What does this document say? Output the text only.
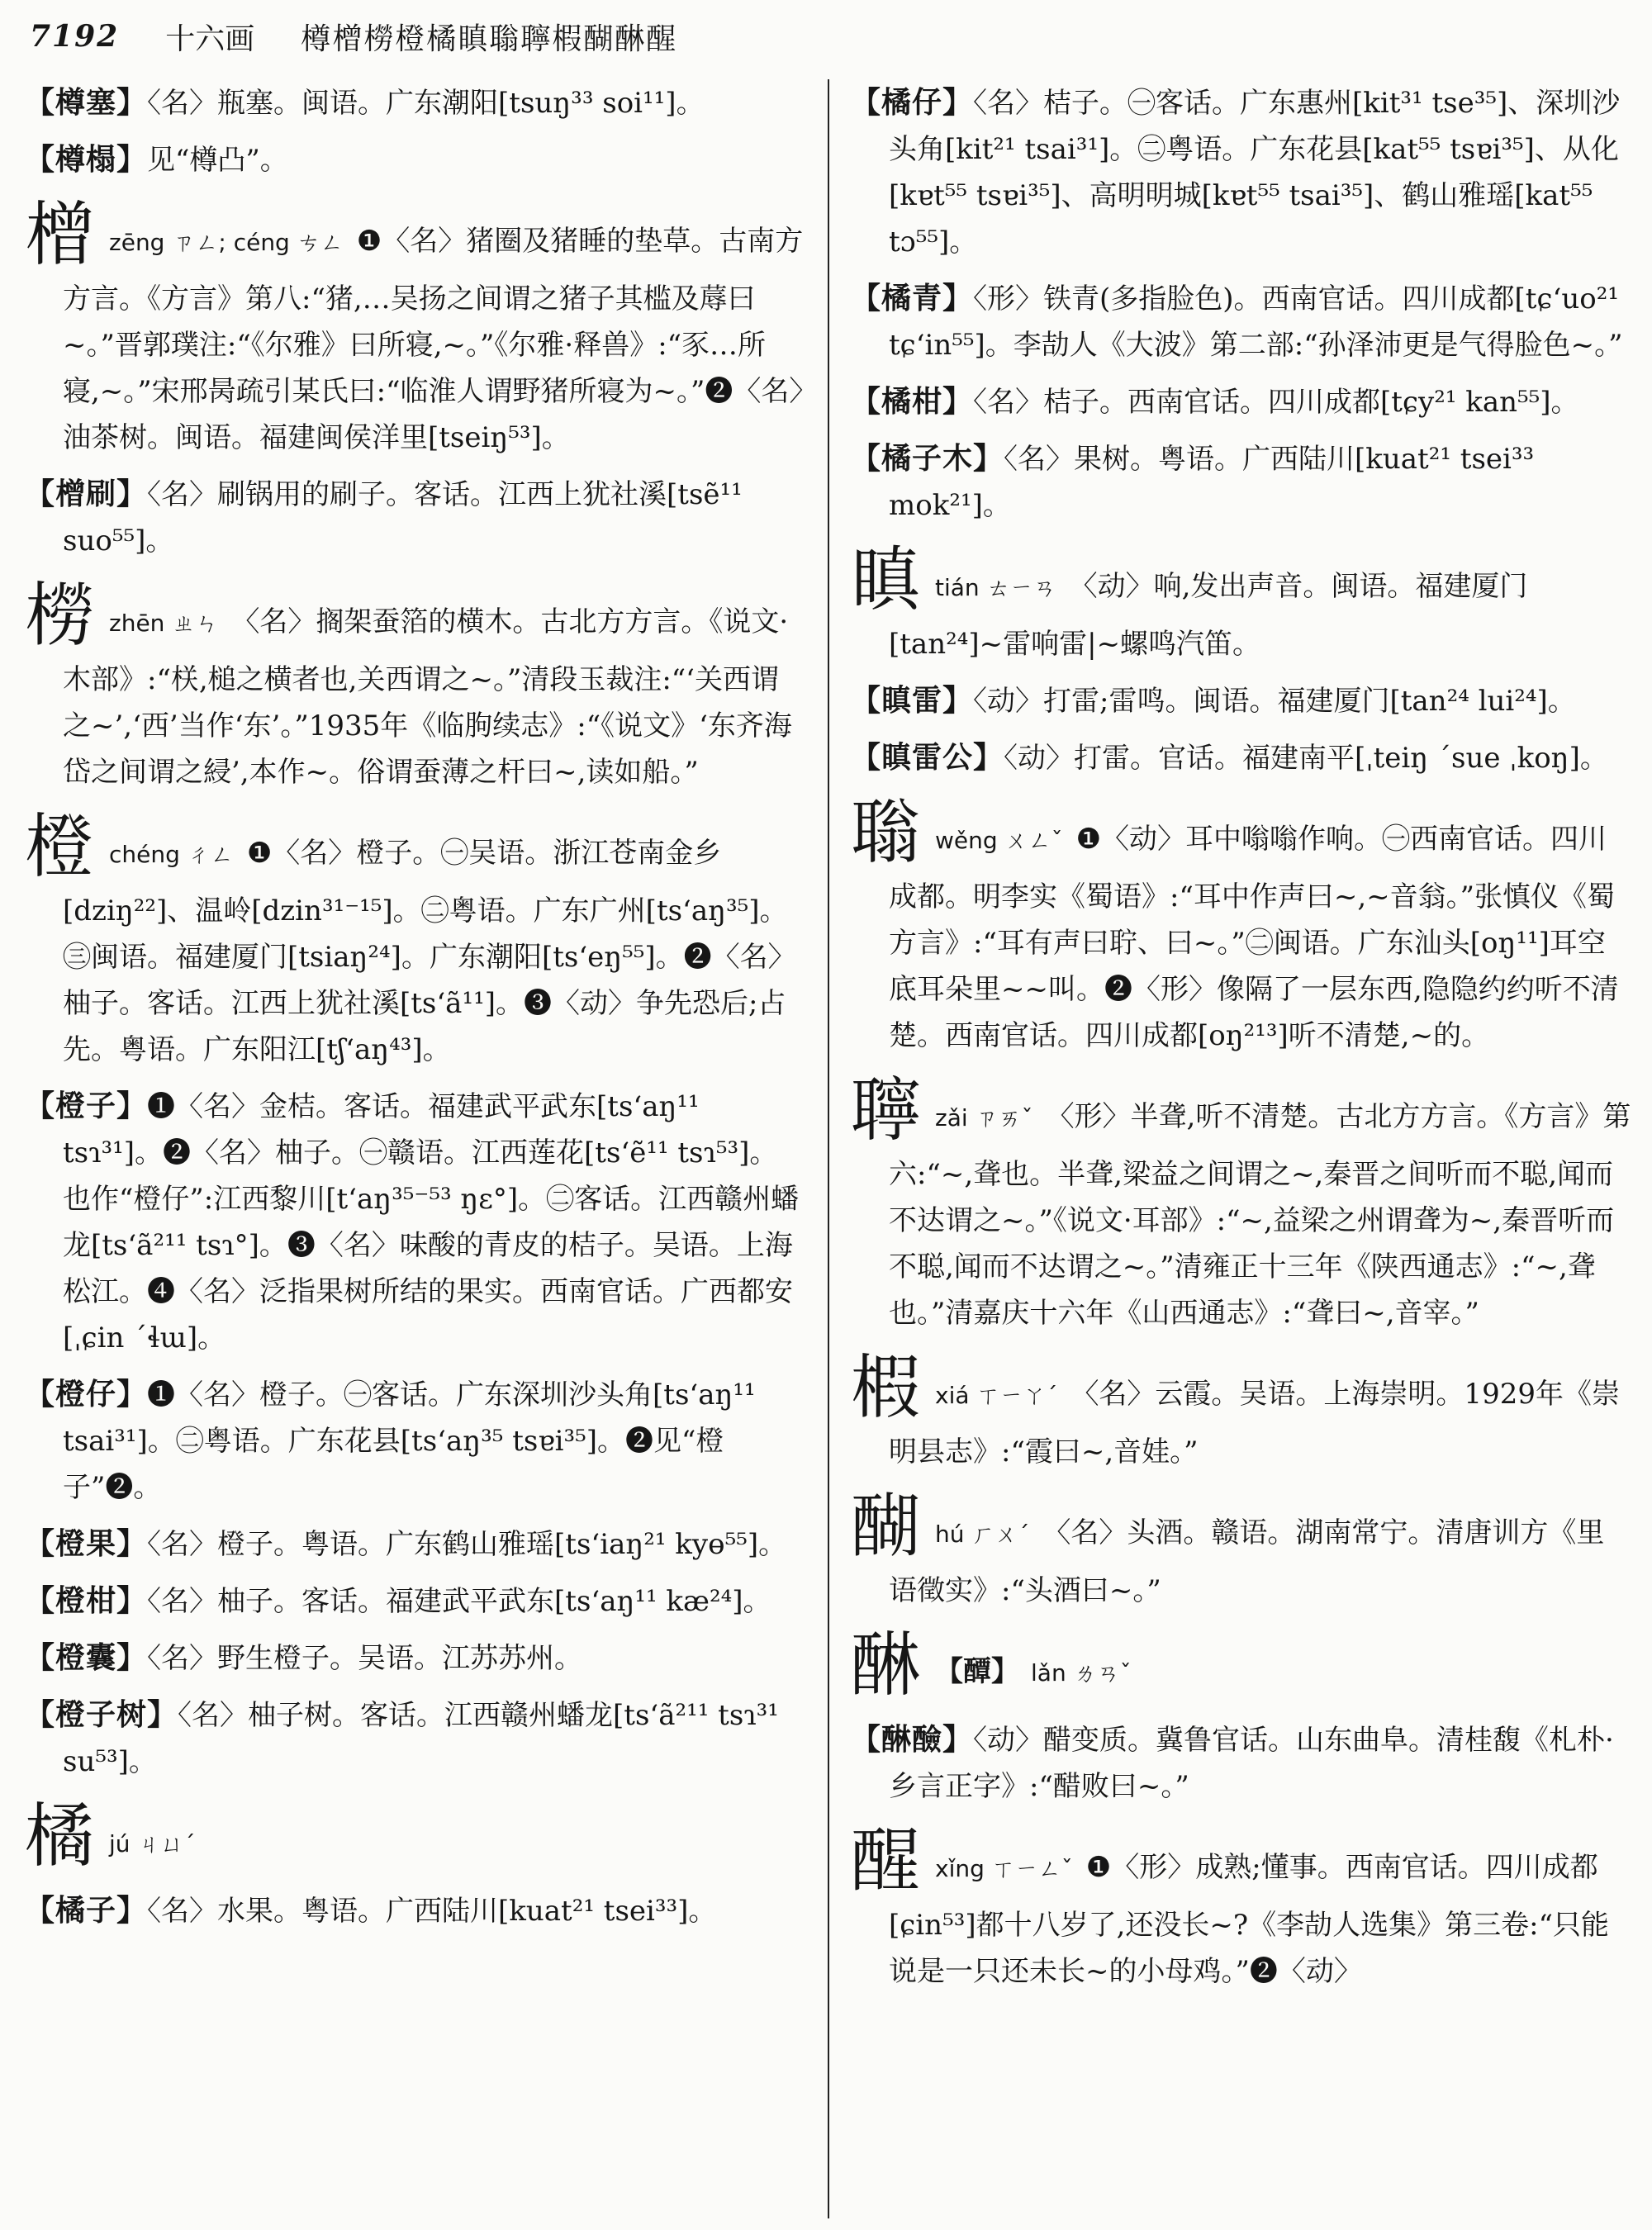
7192 十六画 樽橧橯橙橘瞋聬聹椵醐醂醒
【樽塞】〈名〉瓶塞。闽语。广东潮阳[tsuŋ³³ soi¹¹]。
【樽榻】见“樽凸”。
橧zēng ㄗㄥ; céng ㄘㄥ ❶〈名〉猪圈及猪睡的垫草。古南方方言。《方言》第八:“猪,…吴扬之间谓之猪子其槛及蓐曰~。”晋郭璞注:“《尔雅》曰所寝,~。”《尔雅·释兽》:“豕…所寝,~。”宋邢昺疏引某氏曰:“临淮人谓野猪所寝为~。”❷〈名〉油茶树。闽语。福建闽侯洋里[tseiŋ⁵³]。
【橧刷】〈名〉刷锅用的刷子。客话。江西上犹社溪[tsẽ¹¹ suo⁵⁵]。
橯zhēn ㄓㄣ 〈名〉搁架蚕箔的横木。古北方方言。《说文·木部》:“栚,槌之横者也,关西谓之~。”清段玉裁注:“‘关西谓之~’,‘西’当作‘东’。”1935年《临朐续志》:“《说文》‘东齐海岱之间谓之綅’,本作~。俗谓蚕薄之杆曰~,读如船。”
橙chéng ㄔㄥ ❶〈名〉橙子。㊀吴语。浙江苍南金乡[dziŋ²²]、温岭[dzin³¹⁻¹⁵]。㊁粤语。广东广州[tsʻaŋ³⁵]。㊂闽语。福建厦门[tsiaŋ²⁴]。广东潮阳[tsʻeŋ⁵⁵]。❷〈名〉柚子。客话。江西上犹社溪[tsʻã¹¹]。❸〈动〉争先恐后;占先。粤语。广东阳江[tʃʻaŋ⁴³]。
【橙子】❶〈名〉金桔。客话。福建武平武东[tsʻaŋ¹¹ tsɿ³¹]。❷〈名〉柚子。㊀赣语。江西莲花[tsʻẽ¹¹ tsɿ⁵³]。也作“橙仔”:江西黎川[tʻaŋ³⁵⁻⁵³ ŋɛ°]。㊁客话。江西赣州蟠龙[tsʻã²¹¹ tsɿ°]。❸〈名〉味酸的青皮的桔子。吴语。上海松江。❹〈名〉泛指果树所结的果实。西南官话。广西都安[ˌɕin ˊɬɯ]。
【橙仔】❶〈名〉橙子。㊀客话。广东深圳沙头角[tsʻaŋ¹¹ tsai³¹]。㊁粤语。广东花县[tsʻaŋ³⁵ tsɐi³⁵]。❷见“橙子”❷。
【橙果】〈名〉橙子。粤语。广东鹤山雅瑶[tsʻiaŋ²¹ kyɵ⁵⁵]。
【橙柑】〈名〉柚子。客话。福建武平武东[tsʻaŋ¹¹ kæ²⁴]。
【橙囊】〈名〉野生橙子。吴语。江苏苏州。
【橙子树】〈名〉柚子树。客话。江西赣州蟠龙[tsʻã²¹¹ tsɿ³¹ su⁵³]。
橘jú ㄐㄩˊ
【橘子】〈名〉水果。粤语。广西陆川[kuat²¹ tsei³³]。
【橘仔】〈名〉桔子。㊀客话。广东惠州[kit³¹ tse³⁵]、深圳沙头角[kit²¹ tsai³¹]。㊁粤语。广东花县[kat⁵⁵ tsɐi³⁵]、从化[kɐt⁵⁵ tsɐi³⁵]、高明明城[kɐt⁵⁵ tsai³⁵]、鹤山雅瑶[kat⁵⁵ tɔ⁵⁵]。
【橘青】〈形〉铁青(多指脸色)。西南官话。四川成都[tɕʻuo²¹ tɕʻin⁵⁵]。李劼人《大波》第二部:“孙泽沛更是气得脸色~。”
【橘柑】〈名〉桔子。西南官话。四川成都[tɕy²¹ kan⁵⁵]。
【橘子木】〈名〉果树。粤语。广西陆川[kuat²¹ tsei³³ mok²¹]。
瞋tián ㄊㄧㄢ 〈动〉响,发出声音。闽语。福建厦门[tan²⁴]~雷响雷|~螺鸣汽笛。
【瞋雷】〈动〉打雷;雷鸣。闽语。福建厦门[tan²⁴ lui²⁴]。
【瞋雷公】〈动〉打雷。官话。福建南平[ˌteiŋ ˊsue ˌkoŋ]。
聬wěng ㄨㄥˇ ❶〈动〉耳中嗡嗡作响。㊀西南官话。四川成都。明李实《蜀语》:“耳中作声曰~,~音翁。”张慎仪《蜀方言》:“耳有声曰聍、曰~。”㊁闽语。广东汕头[oŋ¹¹]耳空底耳朵里~~叫。❷〈形〉像隔了一层东西,隐隐约约听不清楚。西南官话。四川成都[oŋ²¹³]听不清楚,~的。
聹zǎi ㄗㄞˇ 〈形〉半聋,听不清楚。古北方方言。《方言》第六:“~,聋也。半聋,梁益之间谓之~,秦晋之间听而不聪,闻而不达谓之~。”《说文·耳部》:“~,益梁之州谓聋为~,秦晋听而不聪,闻而不达谓之~。”清雍正十三年《陕西通志》:“~,聋也。”清嘉庆十六年《山西通志》:“聋曰~,音宰。”
椵xiá ㄒㄧㄚˊ 〈名〉云霞。吴语。上海崇明。1929年《崇明县志》:“霞曰~,音娃。”
醐hú ㄏㄨˊ 〈名〉头酒。赣语。湖南常宁。清唐训方《里语徵实》:“头酒曰~。”
醂 【醰】 lǎn ㄌㄢˇ
【醂醶】〈动〉醋变质。冀鲁官话。山东曲阜。清桂馥《札朴·乡言正字》:“醋败曰~。”
醒xǐng ㄒㄧㄥˇ ❶〈形〉成熟;懂事。西南官话。四川成都[ɕin⁵³]都十八岁了,还没长~?《李劼人选集》第三卷:“只能说是一只还未长~的小母鸡。”❷〈动〉
